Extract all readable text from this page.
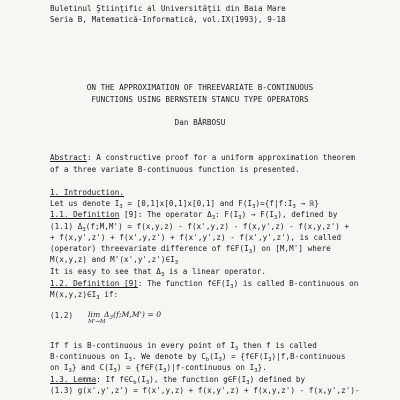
Buletinul Ştiinţific al Universităţii din Baia Mare
Seria B, Matematică-Informatică, vol.IX(1993), 9-18
ON THE APPROXIMATION OF THREEVARIATE B-CONTINUOUS
FUNCTIONS USING BERNSTEIN STANCU TYPE OPERATORS
Dan BĂRBOSU
Abstract: A constructive proof for a uniform approximation theorem
of a three variate B-continuous function is presented.
1. Introduction.
Let us denote $I_3 = [0,1]x[0,1]x[0,1]$ and $F(I_3)=\{f|f:I_3$ → ℝ}
1.1. Definition [9]: The operator $\Delta_3$: $F(I_3) \to F(I_3)$, defined by
(1.1) $\Delta_3(f;M,M') = f(x,y,z) - f(x',y,z) - f(x,y',z) - f(x,y,z')$ +
+ f(x,y',z') + f(x',y,z') + f(x',y',z) - f(x',y',z'), is called
(operator) threevariate difference of $f\in F(I_3)$ on [M,M'] where
M(x,y,z) and $M'(x',y',z')\in I_3$
It is easy to see that $\Delta_3$ is a linear operator.
1.2. Definition [9]: The function $f\in F(I_3)$ is called B-continuous on
$M(x,y,z)\in I_3$ if:
(1.2) lim
M'→M
$\Delta_3(f;M,M') = 0$
If f is B-continuous in every point of $I_3$ then f is called
B-continuous on $I_3$. We denote by $C_b(I_3)$ = {$f\in F(I_3)|f,B$-continuous
on $I_3$} and $C(I_3)$ = {$f\in F(I_3)|f$-continuous on $I_3$}.
1.3. Lemma: If $f\in C_b(I_3)$, the function $g\in F(I_3)$ defined by
(1.3) g(x',y',z') = f(x',y,z) + f(x,y',z) + f(x,y,z') - f(x,y',z')-
